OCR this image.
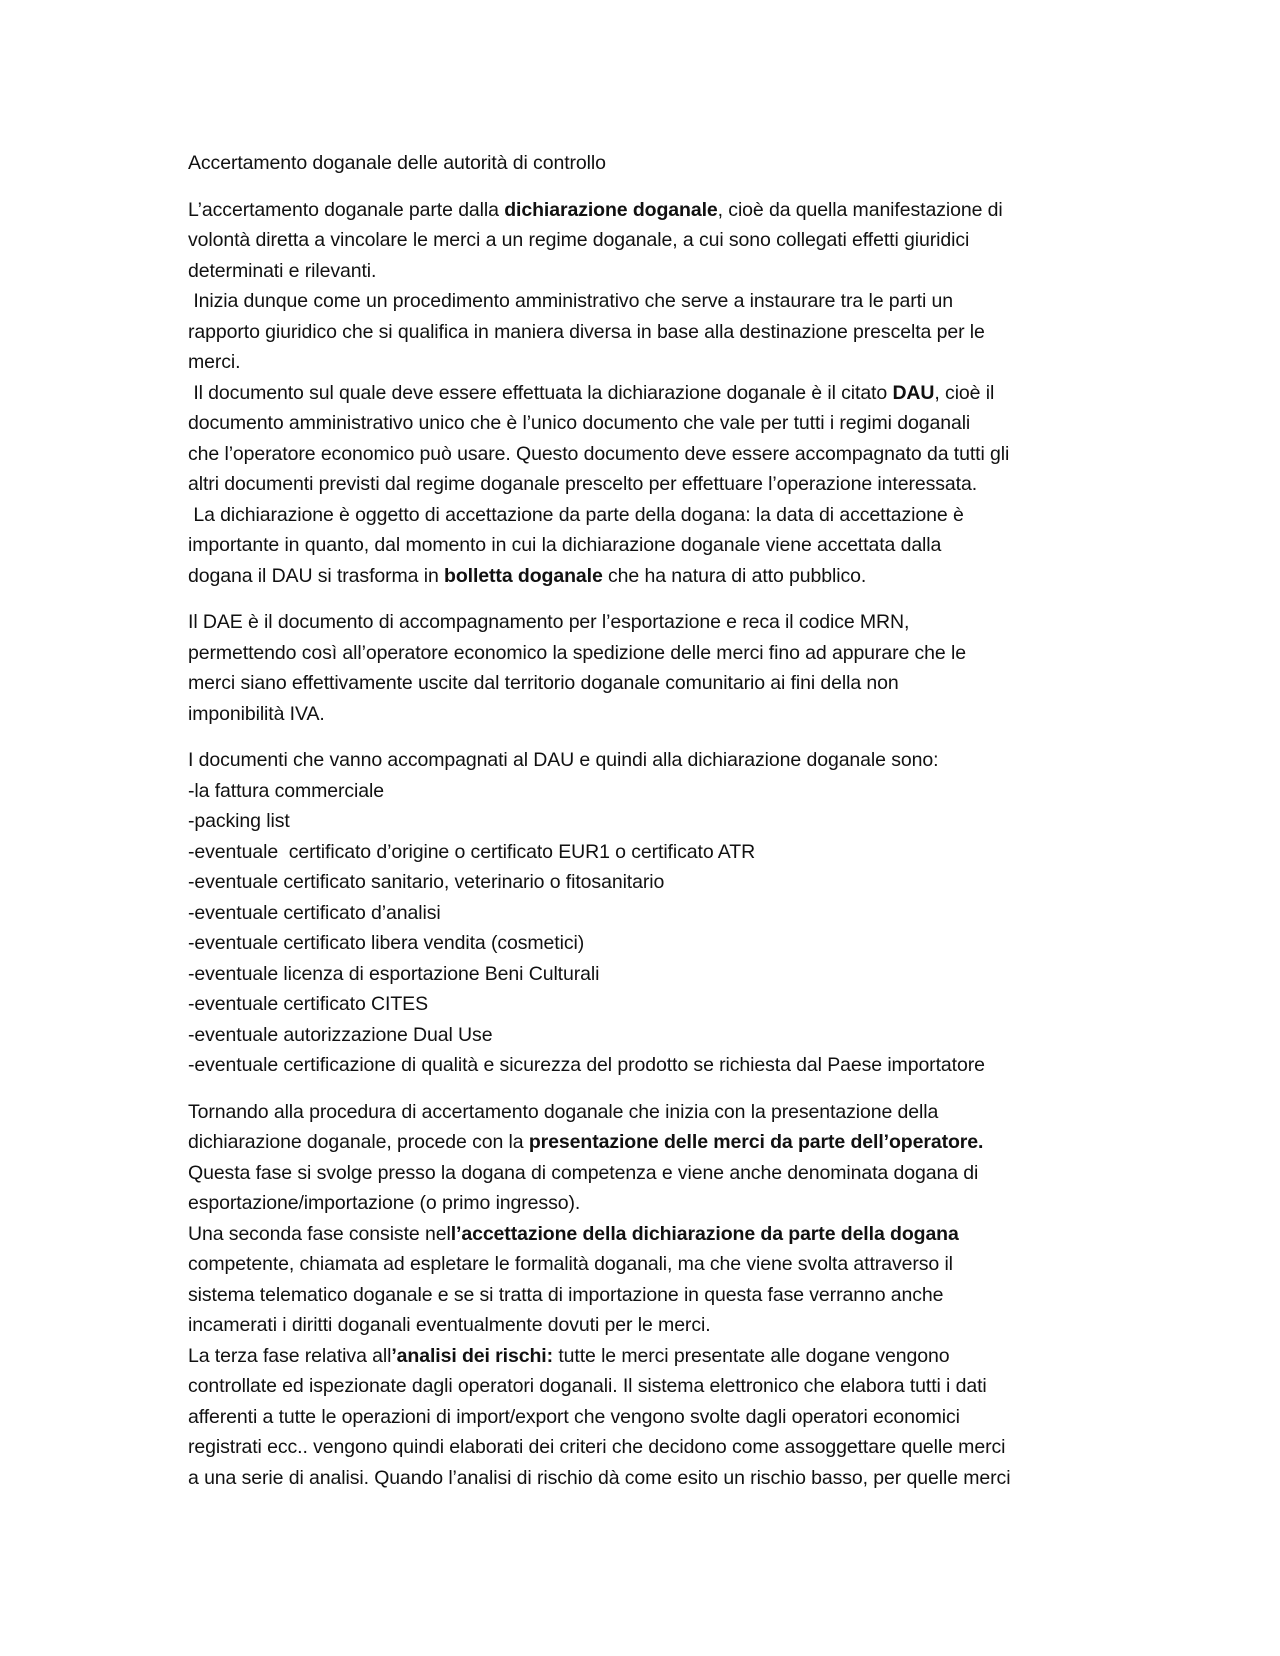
Accertamento doganale delle autorità di controllo
L’accertamento doganale parte dalla dichiarazione doganale, cioè da quella manifestazione di
volontà diretta a vincolare le merci a un regime doganale, a cui sono collegati effetti giuridici
determinati e rilevanti.
Inizia dunque come un procedimento amministrativo che serve a instaurare tra le parti un
rapporto giuridico che si qualifica in maniera diversa in base alla destinazione prescelta per le
merci.
Il documento sul quale deve essere effettuata la dichiarazione doganale è il citato DAU, cioè il
documento amministrativo unico che è l’unico documento che vale per tutti i regimi doganali
che l’operatore economico può usare. Questo documento deve essere accompagnato da tutti gli
altri documenti previsti dal regime doganale prescelto per effettuare l’operazione interessata.
La dichiarazione è oggetto di accettazione da parte della dogana: la data di accettazione è
importante in quanto, dal momento in cui la dichiarazione doganale viene accettata dalla
dogana il DAU si trasforma in bolletta doganale che ha natura di atto pubblico.
Il DAE è il documento di accompagnamento per l’esportazione e reca il codice MRN,
permettendo così all’operatore economico la spedizione delle merci fino ad appurare che le
merci siano effettivamente uscite dal territorio doganale comunitario ai fini della non
imponibilità IVA.
I documenti che vanno accompagnati al DAU e quindi alla dichiarazione doganale sono:
-la fattura commerciale
-packing list
-eventuale  certificato d’origine o certificato EUR1 o certificato ATR
-eventuale certificato sanitario, veterinario o fitosanitario
-eventuale certificato d’analisi
-eventuale certificato libera vendita (cosmetici)
-eventuale licenza di esportazione Beni Culturali
-eventuale certificato CITES
-eventuale autorizzazione Dual Use
-eventuale certificazione di qualità e sicurezza del prodotto se richiesta dal Paese importatore
Tornando alla procedura di accertamento doganale che inizia con la presentazione della
dichiarazione doganale, procede con la presentazione delle merci da parte dell’operatore.
Questa fase si svolge presso la dogana di competenza e viene anche denominata dogana di
esportazione/importazione (o primo ingresso).
Una seconda fase consiste nell’accettazione della dichiarazione da parte della dogana
competente, chiamata ad espletare le formalità doganali, ma che viene svolta attraverso il
sistema telematico doganale e se si tratta di importazione in questa fase verranno anche
incamerati i diritti doganali eventualmente dovuti per le merci.
La terza fase relativa all’analisi dei rischi: tutte le merci presentate alle dogane vengono
controllate ed ispezionate dagli operatori doganali. Il sistema elettronico che elabora tutti i dati
afferenti a tutte le operazioni di import/export che vengono svolte dagli operatori economici
registrati ecc.. vengono quindi elaborati dei criteri che decidono come assoggettare quelle merci
a una serie di analisi. Quando l’analisi di rischio dà come esito un rischio basso, per quelle merci
